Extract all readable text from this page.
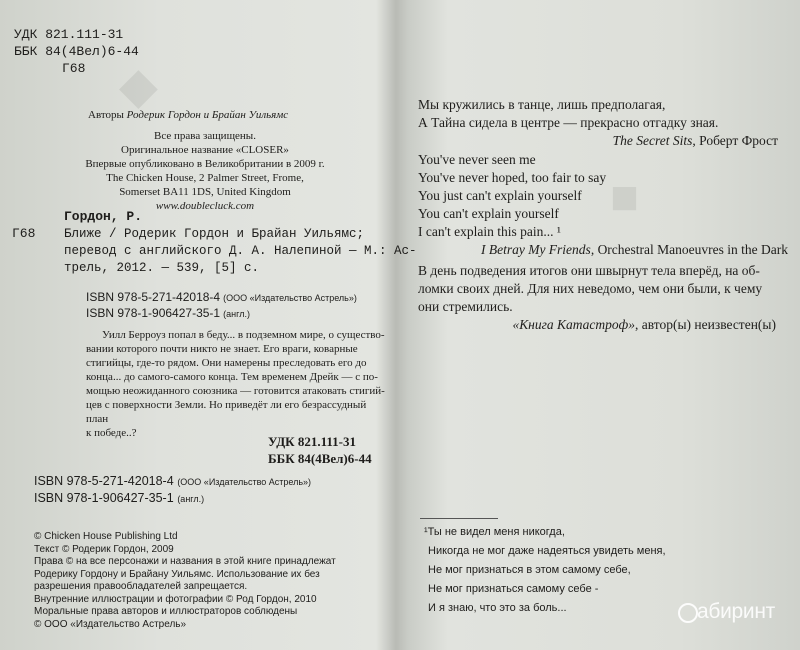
◆
■
УДК 821.111-31
ББК 84(4Вел)6-44
Г68
Авторы Родерик Гордон и Брайан Уильямс
Все права защищены.
Оригинальное название «CLOSER»
Впервые опубликовано в Великобритании в 2009 г.
The Chicken House, 2 Palmer Street, Frome,
Somerset BA11 1DS, United Kingdom
www.doublecluck.com
Гордон, Р.
Г68 Ближе / Родерик Гордон и Брайан Уильямс;
перевод с английского Д. А. Налепиной — М.: Ас-
трель, 2012. — 539, [5] с.
ISBN 978-5-271-42018-4 (ООО «Издательство Астрель»)
ISBN 978-1-906427-35-1 (англ.)
Уилл Берроуз попал в беду... в подземном мире, о существо-
вании которого почти никто не знает. Его враги, коварные
стигийцы, где-то рядом. Они намерены преследовать его до
конца... до самого-самого конца. Тем временем Дрейк — с по-
мощью неожиданного союзника — готовится атаковать стигий-
цев с поверхности Земли. Но приведёт ли его безрассудный план
к победе..?
УДК 821.111-31
ББК 84(4Вел)6-44
ISBN 978-5-271-42018-4 (ООО «Издательство Астрель»)
ISBN 978-1-906427-35-1 (англ.)
© Chicken House Publishing Ltd
Текст © Родерик Гордон, 2009
Права © на все персонажи и названия в этой книге принадлежат
Родерику Гордону и Брайану Уильямс. Использование их без
разрешения правообладателей запрещается.
Внутренние иллюстрации и фотографии © Род Гордон, 2010
Моральные права авторов и иллюстраторов соблюдены
© ООО «Издательство Астрель»
Мы кружились в танце, лишь предполагая,
А Тайна сидела в центре — прекрасно отгадку зная.
The Secret Sits, Роберт Фрост
You've never seen me
You've never hoped, too fair to say
You just can't explain yourself
You can't explain yourself
I can't explain this pain... ¹
I Betray My Friends, Orchestral Manoeuvres in the Dark
В день подведения итогов они швырнут тела вперёд, на об-
ломки своих дней. Для них неведомо, чем они были, к чему
они стремились.
«Книга Катастроф», автор(ы) неизвестен(ы)
¹Ты не видел меня никогда,
Никогда не мог даже надеяться увидеть меня,
Не мог признаться в этом самому себе,
Не мог признаться самому себе -
И я знаю, что это за боль...	абиринт
